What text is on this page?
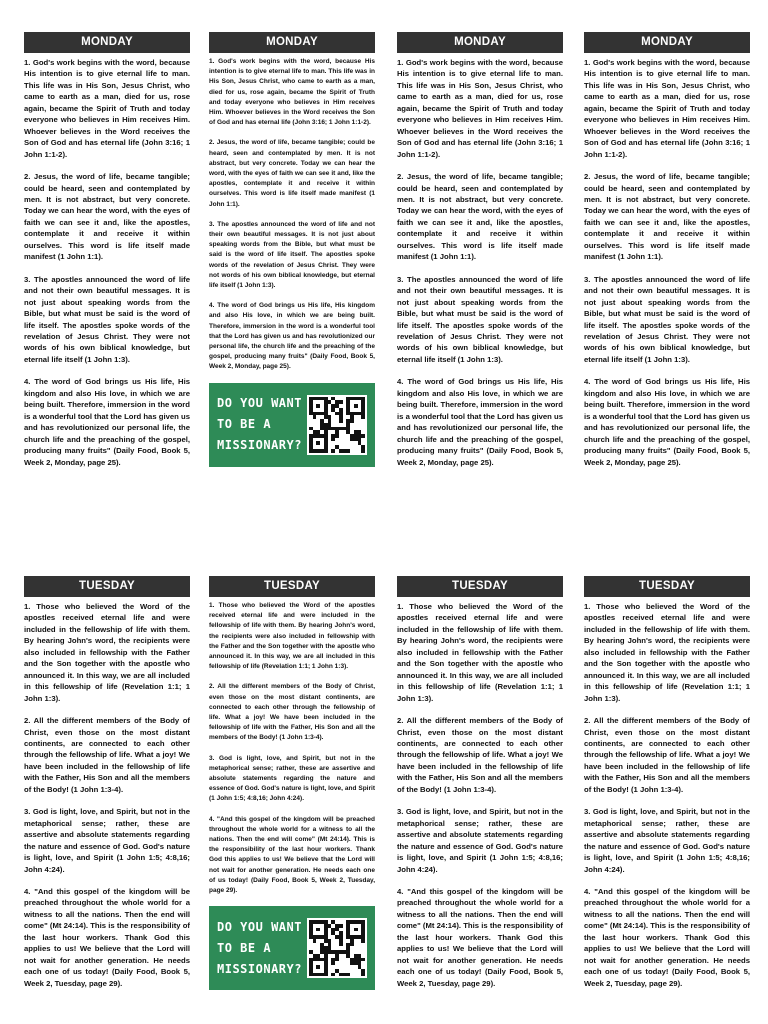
MONDAY

1. God's work begins with the word, because His intention is to give eternal life to man. This life was in His Son, Jesus Christ, who came to earth as a man, died for us, rose again, became the Spirit of Truth and today everyone who believes in Him receives Him. Whoever believes in the Word receives the Son of God and has eternal life (John 3:16; 1 John 1:1-2).

2. Jesus, the word of life, became tangible; could be heard, seen and contemplated by men. It is not abstract, but very concrete. Today we can hear the word, with the eyes of faith we can see it and, like the apostles, contemplate it and receive it within ourselves. This word is life itself made manifest (1 John 1:1).

3. The apostles announced the word of life and not their own beautiful messages. It is not just about speaking words from the Bible, but what must be said is the word of life itself. The apostles spoke words of the revelation of Jesus Christ. They were not words of his own biblical knowledge, but eternal life itself (1 John 1:3).

4. The word of God brings us His life, His kingdom and also His love, in which we are being built. Therefore, immersion in the word is a wonderful tool that the Lord has given us and has revolutionized our personal life, the church life and the preaching of the gospel, producing many fruits" (Daily Food, Book 5, Week 2, Monday, page 25).

MONDAY

1. God's work begins with the word, because His intention is to give eternal life to man. This life was in His Son, Jesus Christ, who came to earth as a man, died for us, rose again, became the Spirit of Truth and today everyone who believes in Him receives Him. Whoever believes in the Word receives the Son of God and has eternal life (John 3:16; 1 John 1:1-2).

2. Jesus, the word of life, became tangible; could be heard, seen and contemplated by men. It is not abstract, but very concrete. Today we can hear the word, with the eyes of faith we can see it and, like the apostles, contemplate it and receive it within ourselves. This word is life itself made manifest (1 John 1:1).

3. The apostles announced the word of life and not their own beautiful messages. It is not just about speaking words from the Bible, but what must be said is the word of life itself. The apostles spoke words of the revelation of Jesus Christ. They were not words of his own biblical knowledge, but eternal life itself (1 John 1:3).

4. The word of God brings us His life, His kingdom and also His love, in which we are being built. Therefore, immersion in the word is a wonderful tool that the Lord has given us and has revolutionized our personal life, the church life and the preaching of the gospel, producing many fruits" (Daily Food, Book 5, Week 2, Monday, page 25).

DO YOU WANT
TO BE A
MISSIONARY?
MONDAY

1. God's work begins with the word, because His intention is to give eternal life to man. This life was in His Son, Jesus Christ, who came to earth as a man, died for us, rose again, became the Spirit of Truth and today everyone who believes in Him receives Him. Whoever believes in the Word receives the Son of God and has eternal life (John 3:16; 1 John 1:1-2).

2. Jesus, the word of life, became tangible; could be heard, seen and contemplated by men. It is not abstract, but very concrete. Today we can hear the word, with the eyes of faith we can see it and, like the apostles, contemplate it and receive it within ourselves. This word is life itself made manifest (1 John 1:1).

3. The apostles announced the word of life and not their own beautiful messages. It is not just about speaking words from the Bible, but what must be said is the word of life itself. The apostles spoke words of the revelation of Jesus Christ. They were not words of his own biblical knowledge, but eternal life itself (1 John 1:3).

4. The word of God brings us His life, His kingdom and also His love, in which we are being built. Therefore, immersion in the word is a wonderful tool that the Lord has given us and has revolutionized our personal life, the church life and the preaching of the gospel, producing many fruits" (Daily Food, Book 5, Week 2, Monday, page 25).

MONDAY

1. God's work begins with the word, because His intention is to give eternal life to man. This life was in His Son, Jesus Christ, who came to earth as a man, died for us, rose again, became the Spirit of Truth and today everyone who believes in Him receives Him. Whoever believes in the Word receives the Son of God and has eternal life (John 3:16; 1 John 1:1-2).

2. Jesus, the word of life, became tangible; could be heard, seen and contemplated by men. It is not abstract, but very concrete. Today we can hear the word, with the eyes of faith we can see it and, like the apostles, contemplate it and receive it within ourselves. This word is life itself made manifest (1 John 1:1).

3. The apostles announced the word of life and not their own beautiful messages. It is not just about speaking words from the Bible, but what must be said is the word of life itself. The apostles spoke words of the revelation of Jesus Christ. They were not words of his own biblical knowledge, but eternal life itself (1 John 1:3).

4. The word of God brings us His life, His kingdom and also His love, in which we are being built. Therefore, immersion in the word is a wonderful tool that the Lord has given us and has revolutionized our personal life, the church life and the preaching of the gospel, producing many fruits" (Daily Food, Book 5, Week 2, Monday, page 25).

TUESDAY

1. Those who believed the Word of the apostles received eternal life and were included in the fellowship of life with them. By hearing John's word, the recipients were also included in fellowship with the Father and the Son together with the apostle who announced it. In this way, we are all included in this fellowship of life (Revelation 1:1; 1 John 1:3).

2. All the different members of the Body of Christ, even those on the most distant continents, are connected to each other through the fellowship of life. What a joy! We have been included in the fellowship of life with the Father, His Son and all the members of the Body! (1 John 1:3-4).

3. God is light, love, and Spirit, but not in the metaphorical sense; rather, these are assertive and absolute statements regarding the nature and essence of God. God's nature is light, love, and Spirit (1 John 1:5; 4:8,16; John 4:24).

4. "And this gospel of the kingdom will be preached throughout the whole world for a witness to all the nations. Then the end will come" (Mt 24:14). This is the responsibility of the last hour workers. Thank God this applies to us! We believe that the Lord will not wait for another generation. He needs each one of us today! (Daily Food, Book 5, Week 2, Tuesday, page 29).

TUESDAY

1. Those who believed the Word of the apostles received eternal life and were included in the fellowship of life with them. By hearing John's word, the recipients were also included in fellowship with the Father and the Son together with the apostle who announced it. In this way, we are all included in this fellowship of life (Revelation 1:1; 1 John 1:3).

2. All the different members of the Body of Christ, even those on the most distant continents, are connected to each other through the fellowship of life. What a joy! We have been included in the fellowship of life with the Father, His Son and all the members of the Body! (1 John 1:3-4).

3. God is light, love, and Spirit, but not in the metaphorical sense; rather, these are assertive and absolute statements regarding the nature and essence of God. God's nature is light, love, and Spirit (1 John 1:5; 4:8,16; John 4:24).

4. "And this gospel of the kingdom will be preached throughout the whole world for a witness to all the nations. Then the end will come" (Mt 24:14). This is the responsibility of the last hour workers. Thank God this applies to us! We believe that the Lord will not wait for another generation. He needs each one of us today! (Daily Food, Book 5, Week 2, Tuesday, page 29).

DO YOU WANT
TO BE A
MISSIONARY?
TUESDAY

1. Those who believed the Word of the apostles received eternal life and were included in the fellowship of life with them. By hearing John's word, the recipients were also included in fellowship with the Father and the Son together with the apostle who announced it. In this way, we are all included in this fellowship of life (Revelation 1:1; 1 John 1:3).

2. All the different members of the Body of Christ, even those on the most distant continents, are connected to each other through the fellowship of life. What a joy! We have been included in the fellowship of life with the Father, His Son and all the members of the Body! (1 John 1:3-4).

3. God is light, love, and Spirit, but not in the metaphorical sense; rather, these are assertive and absolute statements regarding the nature and essence of God. God's nature is light, love, and Spirit (1 John 1:5; 4:8,16; John 4:24).

4. "And this gospel of the kingdom will be preached throughout the whole world for a witness to all the nations. Then the end will come" (Mt 24:14). This is the responsibility of the last hour workers. Thank God this applies to us! We believe that the Lord will not wait for another generation. He needs each one of us today! (Daily Food, Book 5, Week 2, Tuesday, page 29).

TUESDAY

1. Those who believed the Word of the apostles received eternal life and were included in the fellowship of life with them. By hearing John's word, the recipients were also included in fellowship with the Father and the Son together with the apostle who announced it. In this way, we are all included in this fellowship of life (Revelation 1:1; 1 John 1:3).

2. All the different members of the Body of Christ, even those on the most distant continents, are connected to each other through the fellowship of life. What a joy! We have been included in the fellowship of life with the Father, His Son and all the members of the Body! (1 John 1:3-4).

3. God is light, love, and Spirit, but not in the metaphorical sense; rather, these are assertive and absolute statements regarding the nature and essence of God. God's nature is light, love, and Spirit (1 John 1:5; 4:8,16; John 4:24).

4. "And this gospel of the kingdom will be preached throughout the whole world for a witness to all the nations. Then the end will come" (Mt 24:14). This is the responsibility of the last hour workers. Thank God this applies to us! We believe that the Lord will not wait for another generation. He needs each one of us today! (Daily Food, Book 5, Week 2, Tuesday, page 29).
